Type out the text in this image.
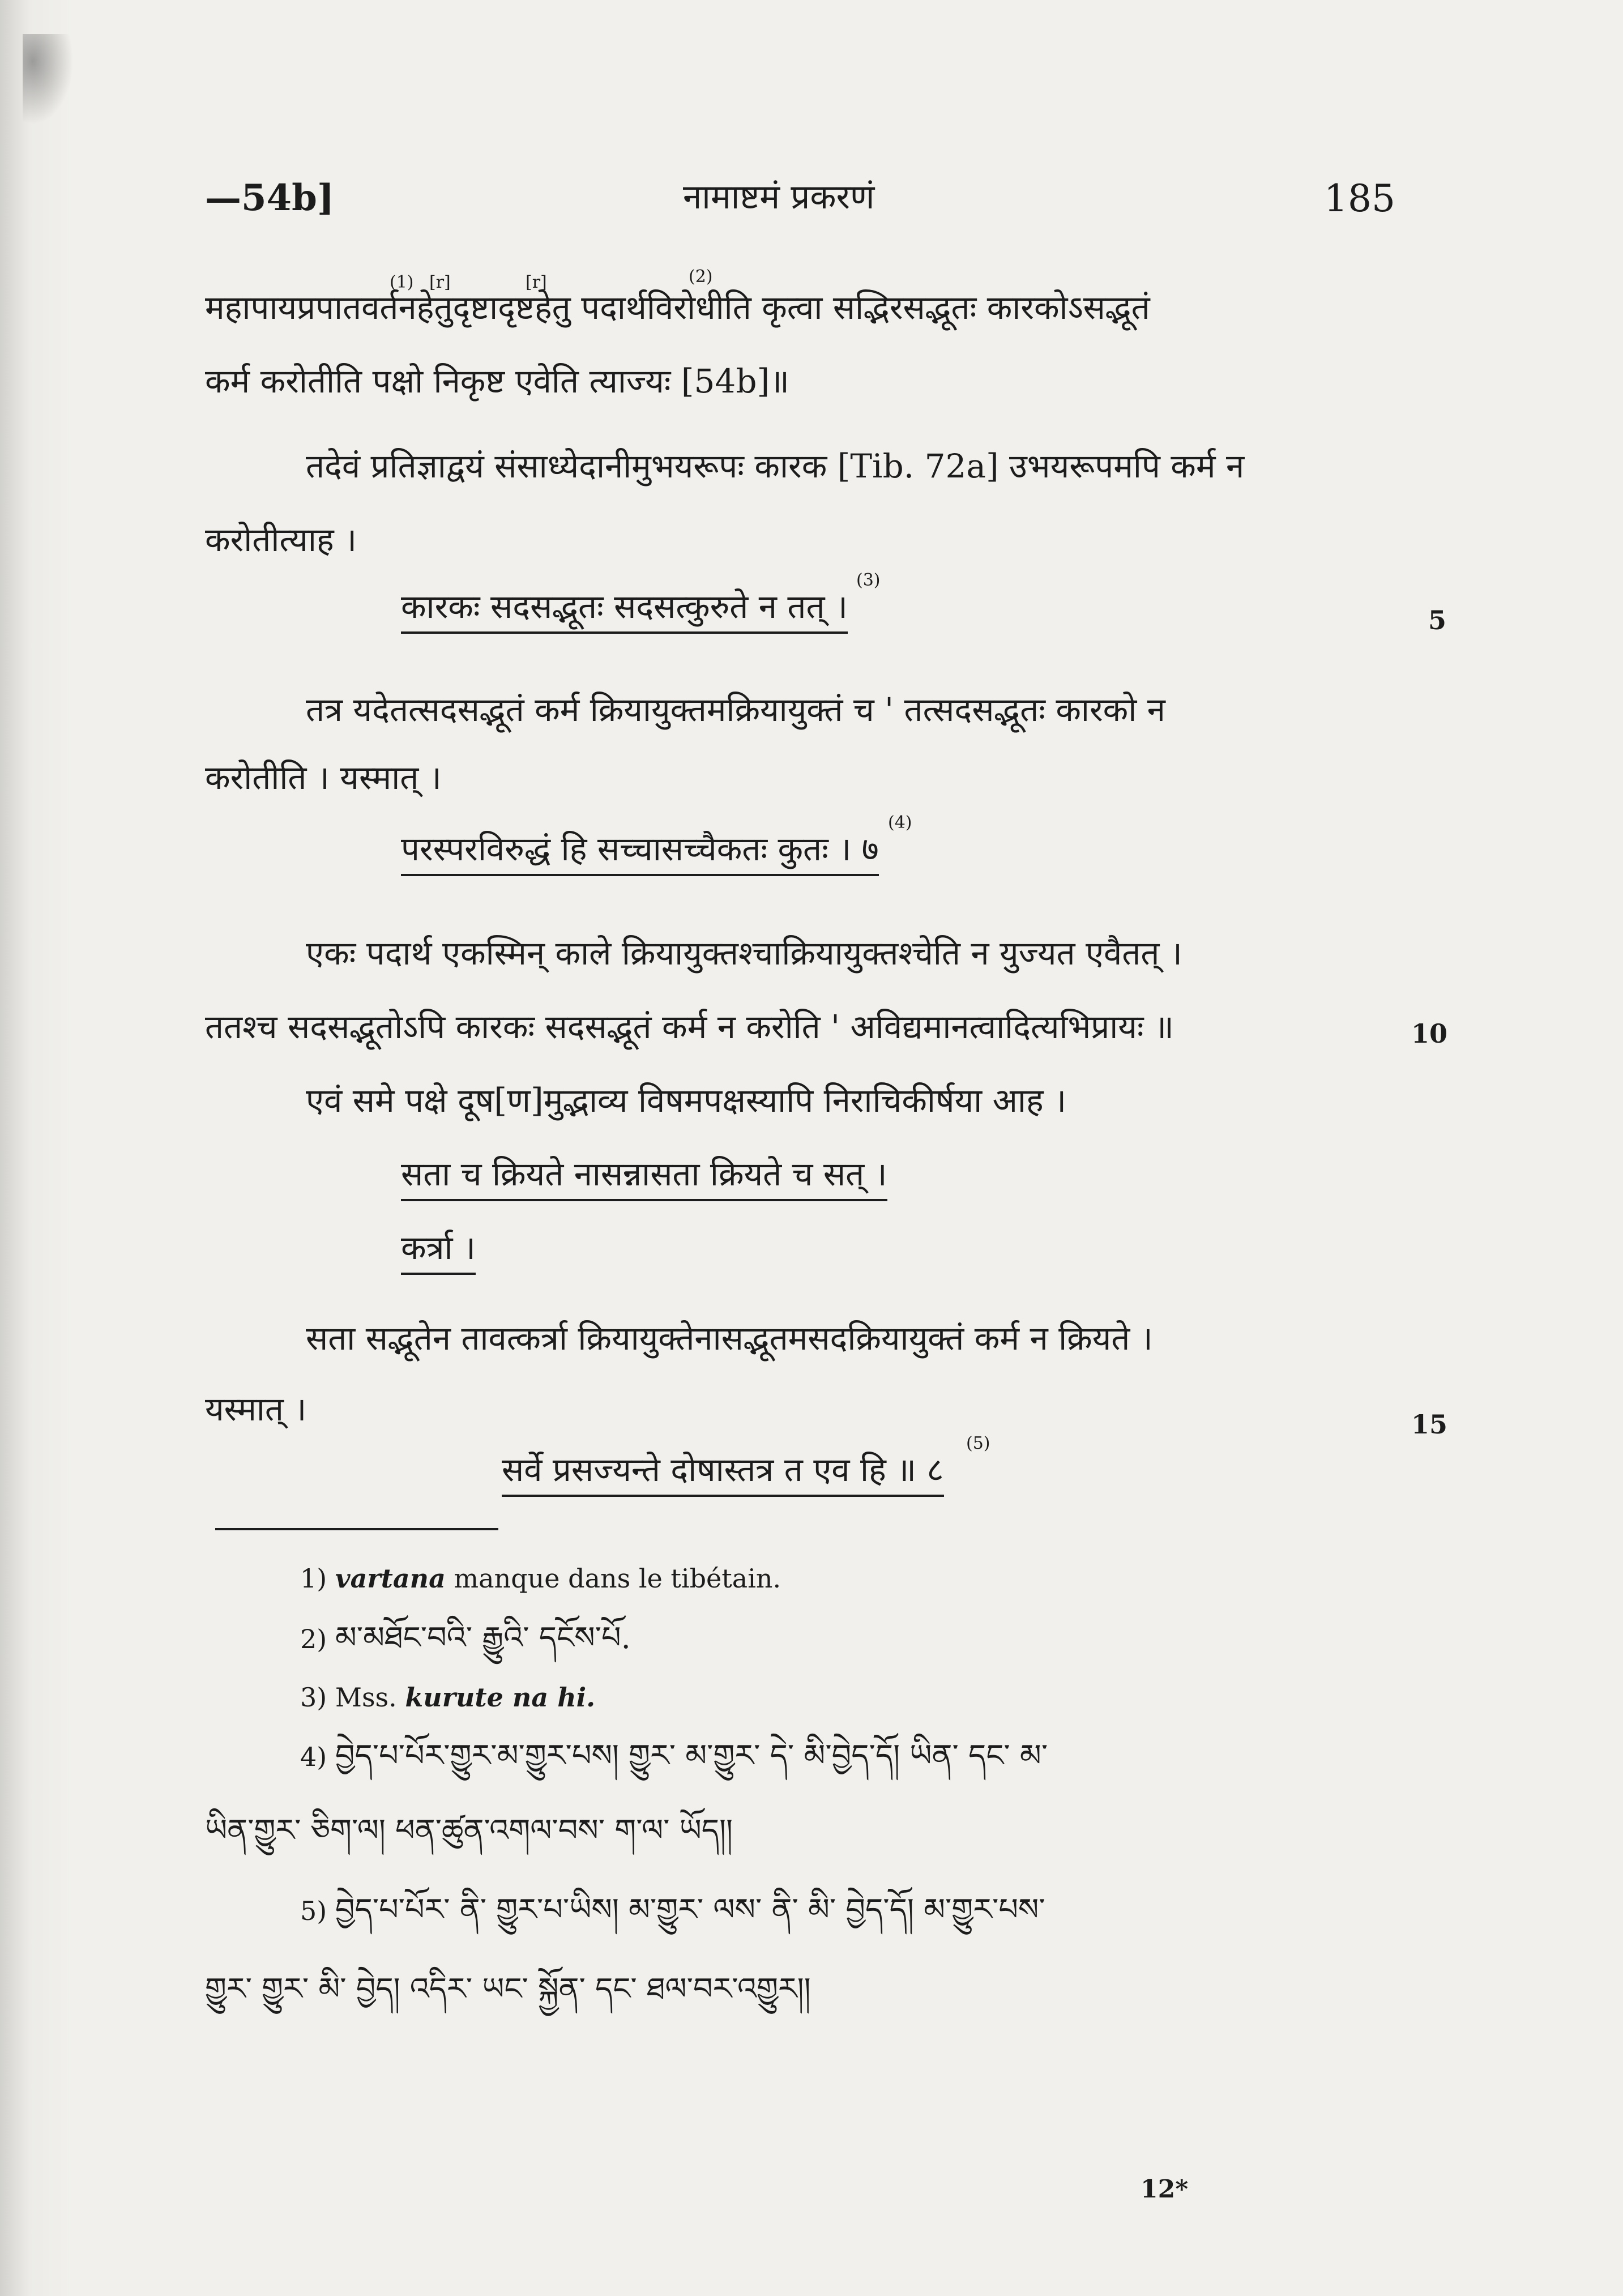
—54b]	नामाष्टमं प्रकरणं	185
(1) [r]	[r]	(2)
महापायप्रपातवर्तनहेतुदृष्टादृष्टहेतु पदार्थविरोधीति कृत्वा सद्भिरसद्भूतः कारकोऽसद्भूतं
कर्म करोतीति पक्षो निकृष्ट एवेति त्याज्यः [54b]॥
तदेवं प्रतिज्ञाद्वयं संसाध्येदानीमुभयरूपः कारक [Tib. 72a] उभयरूपमपि कर्म न
करोतीत्याह ।
(3)
कारकः सदसद्भूतः सदसत्कुरुते न तत् ।	5
तत्र यदेतत्सदसद्भूतं कर्म क्रियायुक्तमक्रियायुक्तं च ' तत्सदसद्भूतः कारको न
करोतीति । यस्मात् ।
(4)
परस्परविरुद्धं हि सच्चासच्चैकतः कुतः । ७
एकः पदार्थ एकस्मिन् काले क्रियायुक्तश्चाक्रियायुक्तश्चेति न युज्यत एवैतत् ।
ततश्च सदसद्भूतोऽपि कारकः सदसद्भूतं कर्म न करोति ' अविद्यमानत्वादित्यभिप्रायः ॥	10
एवं समे पक्षे दूष[ण]मुद्भाव्य विषमपक्षस्यापि निराचिकीर्षया आह ।
सता च क्रियते नासन्नासता क्रियते च सत् ।
कर्त्रा ।
सता सद्भूतेन तावत्कर्त्रा क्रियायुक्तेनासद्भूतमसदक्रियायुक्तं कर्म न क्रियते ।
यस्मात् ।	15
(5)
सर्वे प्रसज्यन्ते दोषास्तत्र त एव हि ॥ ८
1) vartana manque dans le tibétain.
2) མ་མཐོང་བའི་ རྒྱུའི་ དངོས་པོ.
3) Mss. kurute na hi.
4) བྱེད་པ་པོར་གྱུར་མ་གྱུར་པས། གྱུར་ མ་གྱུར་ དེ་ མི་བྱེད་དོ། ཡིན་ དང་ མ་
ཡིན་གྱུར་ ཅིག་ལ། ཕན་ཚུན་འགལ་བས་ ག་ལ་ ཡོད།།
5) བྱེད་པ་པོར་ ནི་ གྱུར་པ་ཡིས། མ་གྱུར་ ལས་ ནི་ མི་ བྱེད་དོ། མ་གྱུར་པས་
གྱུར་ གྱུར་ མི་ བྱེད། འདིར་ ཡང་ སྐྱོན་ དང་ ཐལ་བར་འགྱུར།།
12*
